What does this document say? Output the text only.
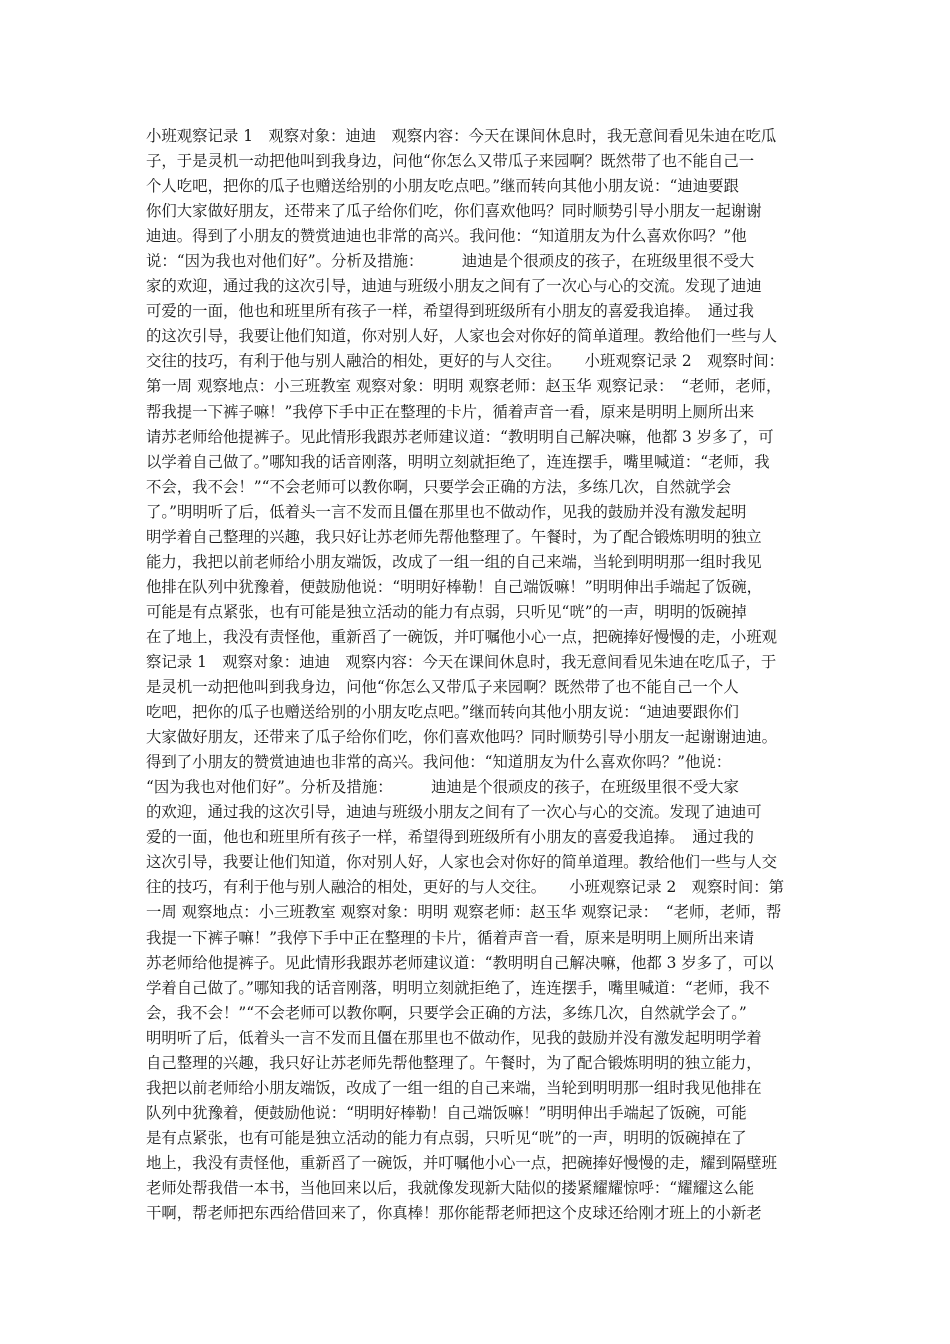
小班观察记录 1　观察对象：迪迪　观察内容：今天在课间休息时，我无意间看见朱迪在吃瓜
子，于是灵机一动把他叫到我身边，问他“你怎么又带瓜子来园啊？既然带了也不能自己一
个人吃吧，把你的瓜子也赠送给别的小朋友吃点吧。”继而转向其他小朋友说：“迪迪要跟
你们大家做好朋友，还带来了瓜子给你们吃，你们喜欢他吗？同时顺势引导小朋友一起谢谢
迪迪。得到了小朋友的赞赏迪迪也非常的高兴。我问他：“知道朋友为什么喜欢你吗？”他
说：“因为我也对他们好”。分析及措施：　　　迪迪是个很顽皮的孩子，在班级里很不受大
家的欢迎，通过我的这次引导，迪迪与班级小朋友之间有了一次心与心的交流。发现了迪迪
可爱的一面，他也和班里所有孩子一样，希望得到班级所有小朋友的喜爱我追捧。　通过我
的这次引导，我要让他们知道，你对别人好，人家也会对你好的简单道理。教给他们一些与人
交往的技巧，有利于他与别人融洽的相处，更好的与人交往。　　小班观察记录 2　观察时间：
第一周 观察地点：小三班教室 观察对象：明明 观察老师：赵玉华 观察记录：　“老师，老师，
帮我提一下裤子嘛！”我停下手中正在整理的卡片，循着声音一看，原来是明明上厕所出来
请苏老师给他提裤子。见此情形我跟苏老师建议道：“教明明自己解决嘛，他都 3 岁多了，可
以学着自己做了。”哪知我的话音刚落，明明立刻就拒绝了，连连摆手，嘴里喊道：“老师，我
不会，我不会！”“不会老师可以教你啊，只要学会正确的方法，多练几次，自然就学会
了。”明明听了后，低着头一言不发而且僵在那里也不做动作，见我的鼓励并没有激发起明
明学着自己整理的兴趣，我只好让苏老师先帮他整理了。午餐时，为了配合锻炼明明的独立
能力，我把以前老师给小朋友端饭，改成了一组一组的自己来端，当轮到明明那一组时我见
他排在队列中犹豫着，便鼓励他说：“明明好棒勒！自己端饭嘛！”明明伸出手端起了饭碗，
可能是有点紧张，也有可能是独立活动的能力有点弱，只听见“咣”的一声，明明的饭碗掉
在了地上，我没有责怪他，重新舀了一碗饭，并叮嘱他小心一点，把碗捧好慢慢的走，小班观
察记录 1　观察对象：迪迪　观察内容：今天在课间休息时，我无意间看见朱迪在吃瓜子，于
是灵机一动把他叫到我身边，问他“你怎么又带瓜子来园啊？既然带了也不能自己一个人
吃吧，把你的瓜子也赠送给别的小朋友吃点吧。”继而转向其他小朋友说：“迪迪要跟你们
大家做好朋友，还带来了瓜子给你们吃，你们喜欢他吗？同时顺势引导小朋友一起谢谢迪迪。
得到了小朋友的赞赏迪迪也非常的高兴。我问他：“知道朋友为什么喜欢你吗？”他说：
“因为我也对他们好”。分析及措施：　　　迪迪是个很顽皮的孩子，在班级里很不受大家
的欢迎，通过我的这次引导，迪迪与班级小朋友之间有了一次心与心的交流。发现了迪迪可
爱的一面，他也和班里所有孩子一样，希望得到班级所有小朋友的喜爱我追捧。　通过我的
这次引导，我要让他们知道，你对别人好，人家也会对你好的简单道理。教给他们一些与人交
往的技巧，有利于他与别人融洽的相处，更好的与人交往。　　小班观察记录 2　观察时间：第
一周 观察地点：小三班教室 观察对象：明明 观察老师：赵玉华 观察记录：　“老师，老师，帮
我提一下裤子嘛！”我停下手中正在整理的卡片，循着声音一看，原来是明明上厕所出来请
苏老师给他提裤子。见此情形我跟苏老师建议道：“教明明自己解决嘛，他都 3 岁多了，可以
学着自己做了。”哪知我的话音刚落，明明立刻就拒绝了，连连摆手，嘴里喊道：“老师，我不
会，我不会！”“不会老师可以教你啊，只要学会正确的方法，多练几次，自然就学会了。”
明明听了后，低着头一言不发而且僵在那里也不做动作，见我的鼓励并没有激发起明明学着
自己整理的兴趣，我只好让苏老师先帮他整理了。午餐时，为了配合锻炼明明的独立能力，
我把以前老师给小朋友端饭，改成了一组一组的自己来端，当轮到明明那一组时我见他排在
队列中犹豫着，便鼓励他说：“明明好棒勒！自己端饭嘛！”明明伸出手端起了饭碗，可能
是有点紧张，也有可能是独立活动的能力有点弱，只听见“咣”的一声，明明的饭碗掉在了
地上，我没有责怪他，重新舀了一碗饭，并叮嘱他小心一点，把碗捧好慢慢的走，耀到隔壁班
老师处帮我借一本书，当他回来以后，我就像发现新大陆似的搂紧耀耀惊呼：“耀耀这么能
干啊，帮老师把东西给借回来了，你真棒！那你能帮老师把这个皮球还给刚才班上的小新老
